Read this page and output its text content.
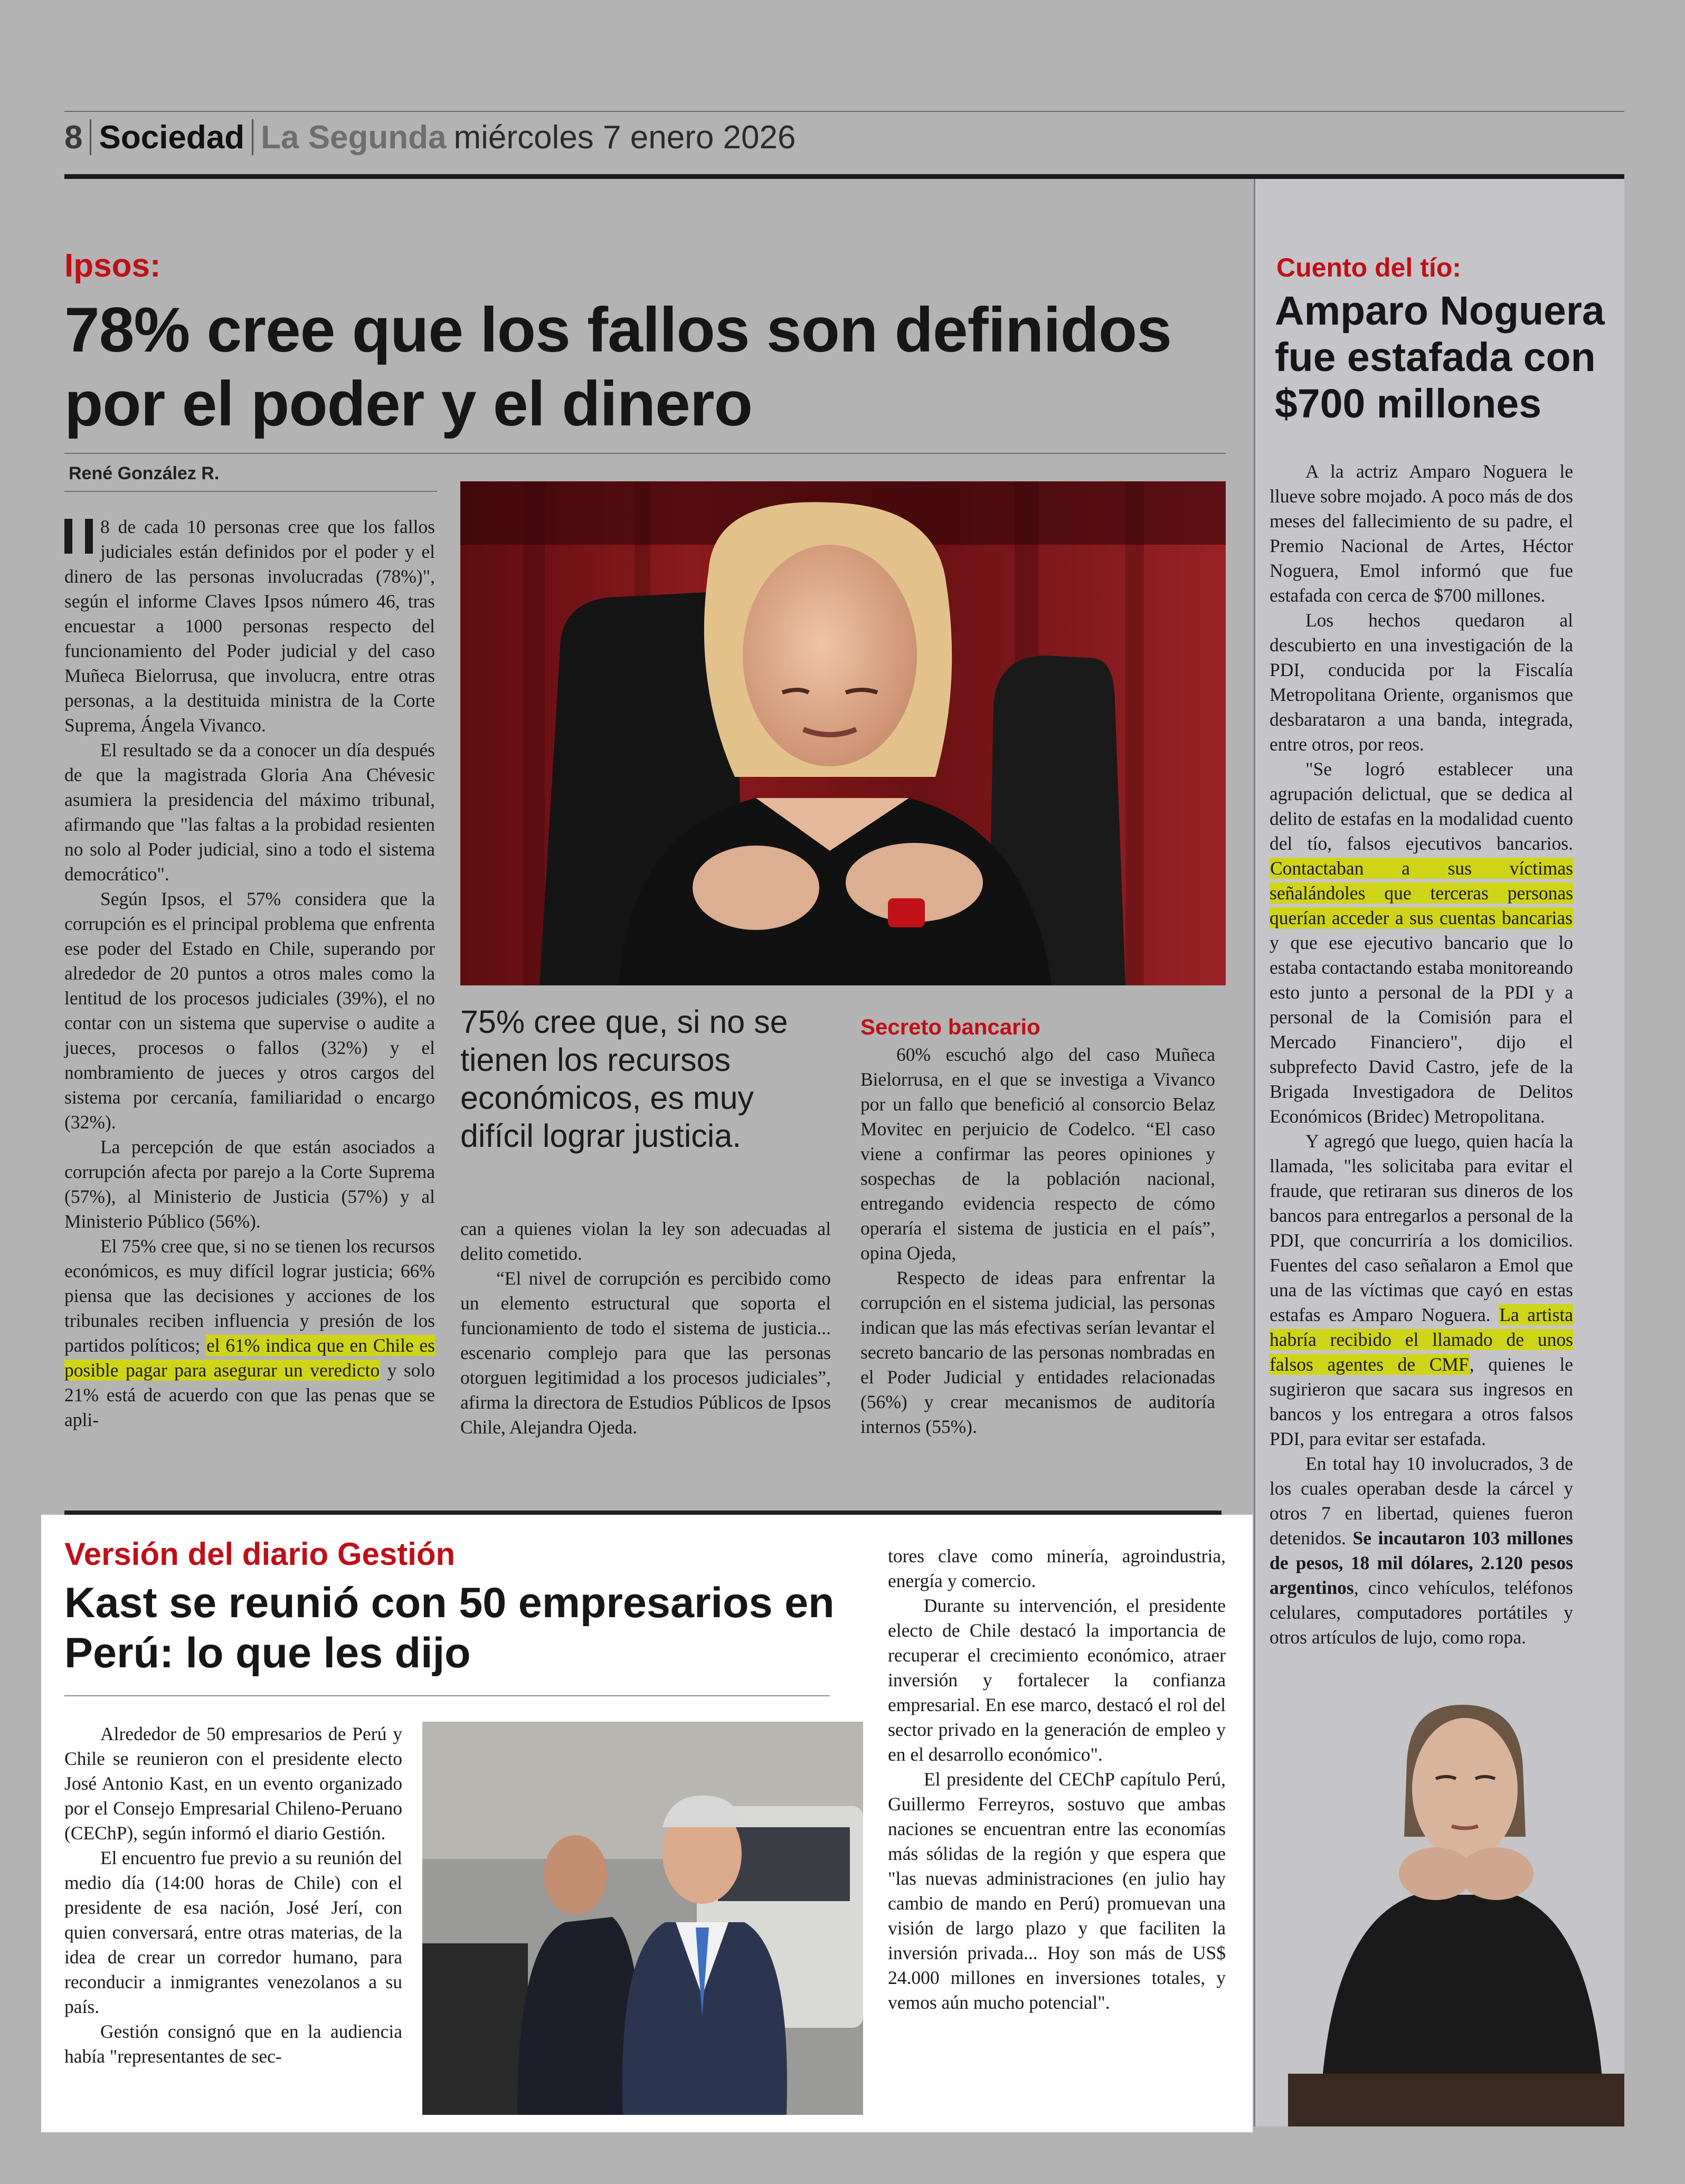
8 Sociedad La Segunda miércoles 7 enero 2026
Ipsos:
78% cree que los fallos son definidos por el poder y el dinero
René González R.
75% cree que, si no se tienen los recursos económicos, es muy difícil lograr justicia.

8 de cada 10 personas cree que los fallos judiciales están definidos por el poder y el dinero de las personas involucradas (78%)", según el informe Claves Ipsos número 46, tras encuestar a 1000 personas respecto del funcionamiento del Poder judicial y del caso Muñeca Bielorrusa, que involucra, entre otras personas, a la destituida ministra de la Corte Suprema, Ángela Vivanco.

El resultado se da a conocer un día después de que la magistrada Gloria Ana Chévesic asumiera la presidencia del máximo tribunal, afirmando que "las faltas a la probidad resienten no solo al Poder judicial, sino a todo el sistema democrático".

Según Ipsos, el 57% considera que la corrupción es el principal problema que enfrenta ese poder del Estado en Chile, superando por alrededor de 20 puntos a otros males como la lentitud de los procesos judiciales (39%), el no contar con un sistema que supervise o audite a jueces, procesos o fallos (32%) y el nombramiento de jueces y otros cargos del sistema por cercanía, familiaridad o encargo (32%).

La percepción de que están asociados a corrupción afecta por parejo a la Corte Suprema (57%), al Ministerio de Justicia (57%) y al Ministerio Público (56%).

El 75% cree que, si no se tienen los recursos económicos, es muy difícil lograr justicia; 66% piensa que las decisiones y acciones de los tribunales reciben influencia y presión de los partidos políticos; el 61% indica que en Chile es posible pagar para asegurar un veredicto y solo 21% está de acuerdo con que las penas que se apli-

can a quienes violan la ley son adecuadas al delito cometido.

“El nivel de corrupción es percibido como un elemento estructural que soporta el funcionamiento de todo el sistema de justicia... escenario complejo para que las personas otorguen legitimidad a los procesos judiciales”, afirma la directora de Estudios Públicos de Ipsos Chile, Alejandra Ojeda.

Secreto bancario

60% escuchó algo del caso Muñeca Bielorrusa, en el que se investiga a Vivanco por un fallo que benefició al consorcio Belaz Movitec en perjuicio de Codelco. “El caso viene a confirmar las peores opiniones y sospechas de la población nacional, entregando evidencia respecto de cómo operaría el sistema de justicia en el país”, opina Ojeda,

Respecto de ideas para enfrentar la corrupción en el sistema judicial, las personas indican que las más efectivas serían levantar el secreto bancario de las personas nombradas en el Poder Judicial y entidades relacionadas (56%) y crear mecanismos de auditoría internos (55%).

Cuento del tío:
Amparo Noguera fue estafada con $700 millones

A la actriz Amparo Noguera le llueve sobre mojado. A poco más de dos meses del fallecimiento de su padre, el Premio Nacional de Artes, Héctor Noguera, Emol informó que fue estafada con cerca de $700 millones.

Los hechos quedaron al descubierto en una investigación de la PDI, conducida por la Fiscalía Metropolitana Oriente, organismos que desbarataron a una banda, integrada, entre otros, por reos.

"Se logró establecer una agrupación delictual, que se dedica al delito de estafas en la modalidad cuento del tío, falsos ejecutivos bancarios. Contactaban a sus víctimas señalándoles que terceras personas querían acceder a sus cuentas bancarias y que ese ejecutivo bancario que lo estaba contactando estaba monitoreando esto junto a personal de la PDI y a personal de la Comisión para el Mercado Financiero", dijo el subprefecto David Castro, jefe de la Brigada Investigadora de Delitos Económicos (Bridec) Metropolitana.

Y agregó que luego, quien hacía la llamada, "les solicitaba para evitar el fraude, que retiraran sus dineros de los bancos para entregarlos a personal de la PDI, que concurriría a los domicilios. Fuentes del caso señalaron a Emol que una de las víctimas que cayó en estas estafas es Amparo Noguera. La artista habría recibido el llamado de unos falsos agentes de CMF, quienes le sugirieron que sacara sus ingresos en bancos y los entregara a otros falsos PDI, para evitar ser estafada.

En total hay 10 involucrados, 3 de los cuales operaban desde la cárcel y otros 7 en libertad, quienes fueron detenidos. Se incautaron 103 millones de pesos, 18 mil dólares, 2.120 pesos argentinos, cinco vehículos, teléfonos celulares, computadores portátiles y otros artículos de lujo, como ropa.

Versión del diario Gestión
Kast se reunió con 50 empresarios en Perú: lo que les dijo

Alrededor de 50 empresarios de Perú y Chile se reunieron con el presidente electo José Antonio Kast, en un evento organizado por el Consejo Empresarial Chileno-Peruano (CEChP), según informó el diario Gestión.

El encuentro fue previo a su reunión del medio día (14:00 horas de Chile) con el presidente de esa nación, José Jerí, con quien conversará, entre otras materias, de la idea de crear un corredor humano, para reconducir a inmigrantes venezolanos a su país.

Gestión consignó que en la audiencia había "representantes de sec-

tores clave como minería, agroindustria, energía y comercio.

Durante su intervención, el presidente electo de Chile destacó la importancia de recuperar el crecimiento económico, atraer inversión y fortalecer la confianza empresarial. En ese marco, destacó el rol del sector privado en la generación de empleo y en el desarrollo económico".

El presidente del CEChP capítulo Perú, Guillermo Ferreyros, sostuvo que ambas naciones se encuentran entre las economías más sólidas de la región y que espera que "las nuevas administraciones (en julio hay cambio de mando en Perú) promuevan una visión de largo plazo y que faciliten la inversión privada... Hoy son más de US$ 24.000 millones en inversiones totales, y vemos aún mucho potencial".
